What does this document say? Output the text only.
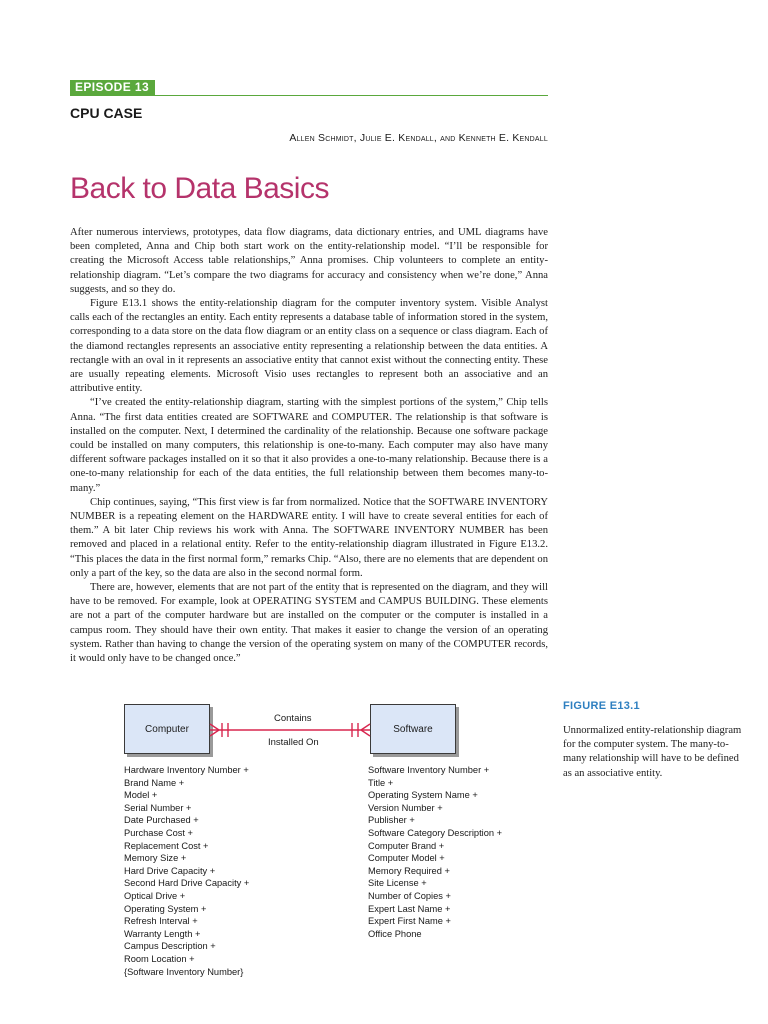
EPISODE 13
CPU CASE
Allen Schmidt, Julie E. Kendall, and Kenneth E. Kendall
Back to Data Basics

After numerous interviews, prototypes, data flow diagrams, data dictionary entries, and UML diagrams have been completed, Anna and Chip both start work on the entity-relationship model. “I’ll be responsible for creating the Microsoft Access table relationships,” Anna promises. Chip volunteers to complete an entity-relationship diagram. “Let’s compare the two diagrams for accuracy and consistency when we’re done,” Anna suggests, and so they do.

Figure E13.1 shows the entity-relationship diagram for the computer inventory system. Visible Analyst calls each of the rectangles an entity. Each entity represents a database table of information stored in the system, corresponding to a data store on the data flow diagram or an entity class on a sequence or class diagram. Each of the diamond rectangles represents an associative entity representing a relationship between the data entities. A rectangle with an oval in it represents an associative entity that cannot exist without the connecting entity. These are usually repeating elements. Microsoft Visio uses rectangles to represent both an associative and an attributive entity.

“I’ve created the entity-relationship diagram, starting with the simplest portions of the system,” Chip tells Anna. “The first data entities created are SOFTWARE and COMPUTER. The relationship is that software is installed on the computer. Next, I determined the cardinality of the relationship. Because one software package could be installed on many computers, this relationship is one-to-many. Each computer may also have many different software packages installed on it so that it also provides a one-to-many relationship. Because there is a one-to-many relationship for each of the data entities, the full relationship between them becomes many-to-many.”

Chip continues, saying, “This first view is far from normalized. Notice that the SOFTWARE INVENTORY NUMBER is a repeating element on the HARDWARE entity. I will have to create several entities for each of them.” A bit later Chip reviews his work with Anna. The SOFTWARE INVENTORY NUMBER has been removed and placed in a relational entity. Refer to the entity-relationship diagram illustrated in Figure E13.2. “This places the data in the first normal form,” remarks Chip. “Also, there are no elements that are dependent on only a part of the key, so the data are also in the second normal form.

There are, however, elements that are not part of the entity that is represented on the diagram, and they will have to be removed. For example, look at OPERATING SYSTEM and CAMPUS BUILDING. These elements are not a part of the computer hardware but are installed on the computer or the computer is installed in a campus room. They should have their own entity. That makes it easier to change the version of an operating system. Rather than having to change the version of the operating system on many of the COMPUTER records, it would only have to be changed once.”

Computer	Software
Contains
Installed On
Hardware Inventory Number +
Brand Name +
Model +
Serial Number +
Date Purchased +
Purchase Cost +
Replacement Cost +
Memory Size +
Hard Drive Capacity +
Second Hard Drive Capacity +
Optical Drive +
Operating System +
Refresh Interval +
Warranty Length +
Campus Description +
Room Location +
{Software Inventory Number}
Software Inventory Number +
Title +
Operating System Name +
Version Number +
Publisher +
Software Category Description +
Computer Brand +
Computer Model +
Memory Required +
Site License +
Number of Copies +
Expert Last Name +
Expert First Name +
Office Phone
FIGURE E13.1

Unnormalized entity-relationship diagram for the computer system. The many-to-many relationship will have to be defined as an associative entity.
